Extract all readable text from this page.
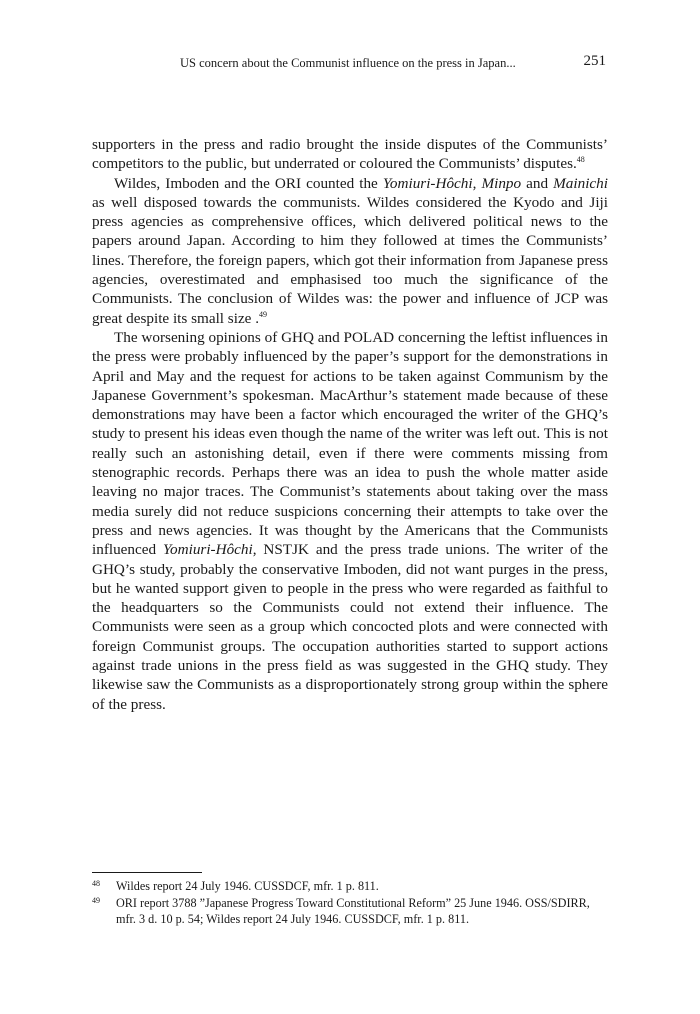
US concern about the Communist influence on the press in Japan...	251

supporters in the press and radio brought the inside disputes of the Communists’ competitors to the public, but underrated or coloured the Communists’ disputes.$^{48}$

Wildes, Imboden and the ORI counted the Yomiuri-Hôchi, Minpo and Mainichi as well disposed towards the communists. Wildes considered the Kyodo and Jiji press agencies as comprehensive offices, which delivered political news to the papers around Japan. According to him they followed at times the Communists’ lines. Therefore, the foreign papers, which got their information from Japanese press agencies, overestimated and emphasised too much the significance of the Communists. The conclusion of Wildes was: the power and influence of JCP was great despite its small size .$^{49}$

The worsening opinions of GHQ and POLAD concerning the leftist influences in the press were probably influenced by the paper’s support for the demonstrations in April and May and the request for actions to be taken against Communism by the Japanese Government’s spokesman. MacArthur’s statement made because of these demonstrations may have been a factor which encouraged the writer of the GHQ’s study to present his ideas even though the name of the writer was left out. This is not really such an astonishing detail, even if there were comments missing from stenographic records. Perhaps there was an idea to push the whole matter aside leaving no major traces. The Communist’s statements about taking over the mass media surely did not reduce suspicions concerning their attempts to take over the press and news agencies. It was thought by the Americans that the Communists influenced Yomiuri-Hôchi, NSTJK and the press trade unions. The writer of the GHQ’s study, probably the conservative Imboden, did not want purges in the press, but he wanted support given to people in the press who were regarded as faithful to the headquarters so the Communists could not extend their influence. The Communists were seen as a group which concocted plots and were connected with foreign Communist groups. The occupation authorities started to support actions against trade unions in the press field as was suggested in the GHQ study. They likewise saw the Communists as a disproportionately strong group within the sphere of the press.

48	Wildes report 24 July 1946. CUSSDCF, mfr. 1 p. 811.
49	ORI report 3788 ”Japanese Progress Toward Constitutional Reform” 25 June 1946. OSS/SDIRR, mfr. 3 d. 10 p. 54; Wildes report 24 July 1946. CUSSDCF, mfr. 1 p. 811.
